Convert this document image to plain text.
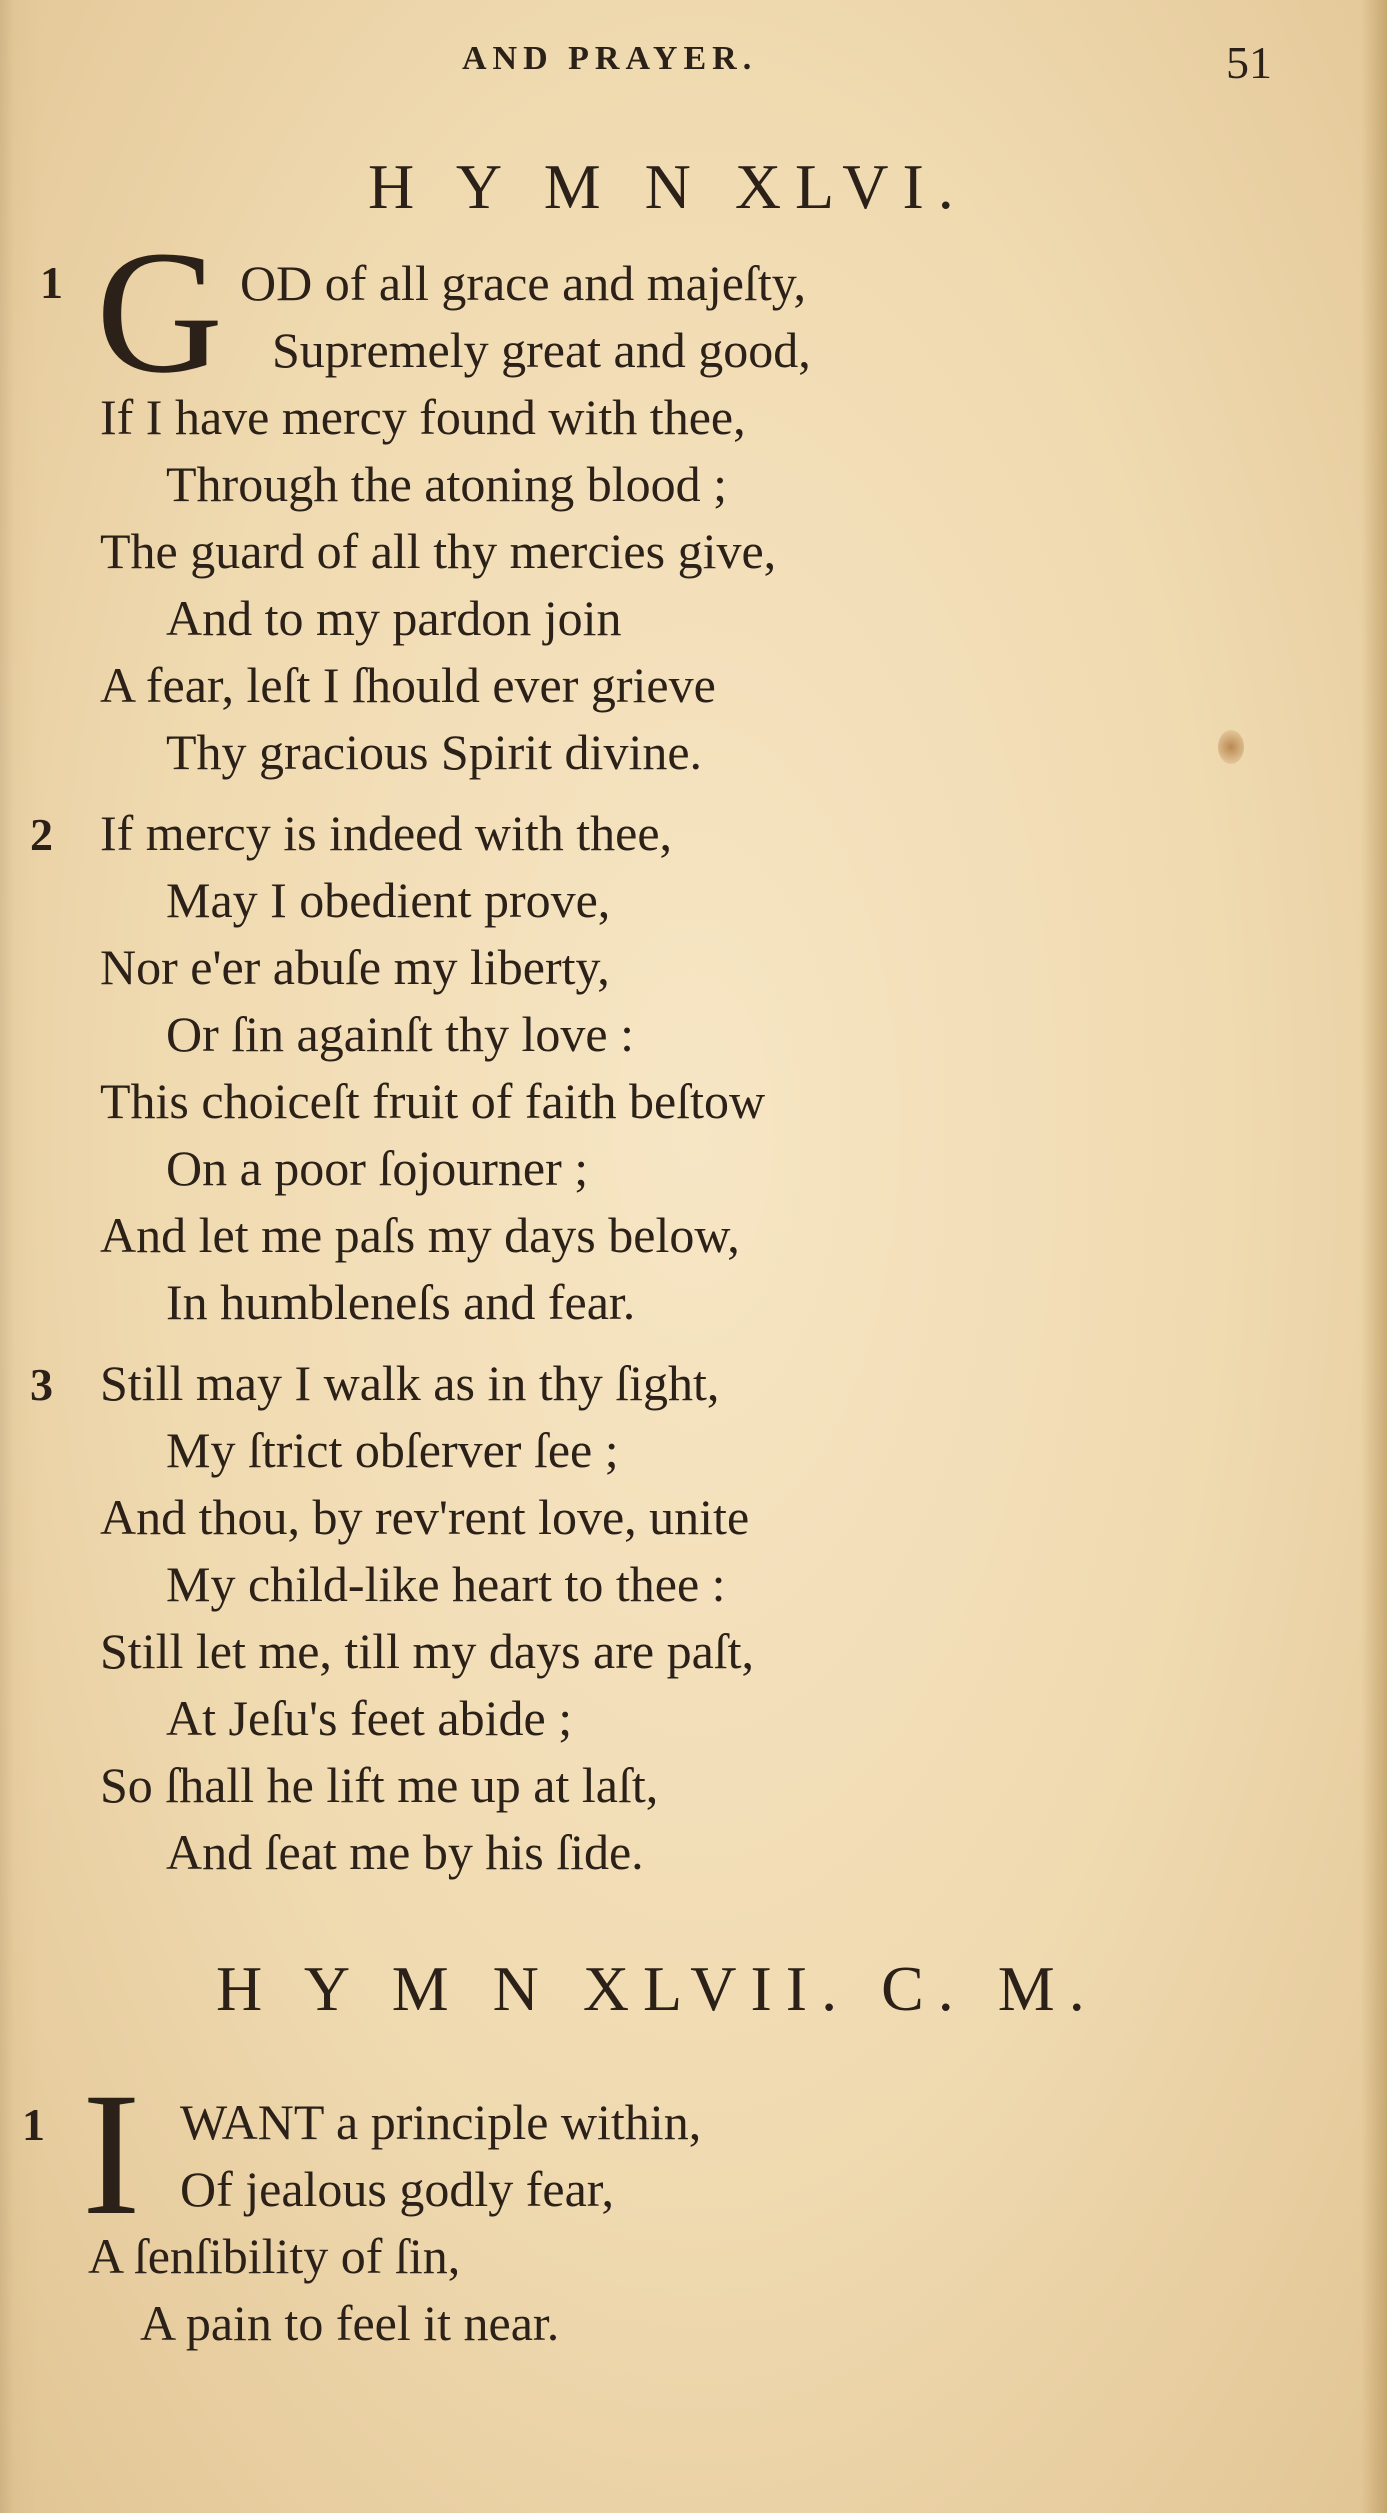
AND PRAYER.	51
H Y M N XLVI.
1 G OD of all grace and majeſty,
Supremely great and good,
If I have mercy found with thee,
Through the atoning blood ;
The guard of all thy mercies give,
And to my pardon join
A fear, leſt I ſhould ever grieve
Thy gracious Spirit divine.
2 If mercy is indeed with thee,
May I obedient prove,
Nor e'er abuſe my liberty,
Or ſin againſt thy love :
This choiceſt fruit of faith beſtow
On a poor ſojourner ;
And let me paſs my days below,
In humbleneſs and fear.
3 Still may I walk as in thy ſight,
My ſtrict obſerver ſee ;
And thou, by rev'rent love, unite
My child-like heart to thee :
Still let me, till my days are paſt,
At Jeſu's feet abide ;
So ſhall he lift me up at laſt,
And ſeat me by his ſide.
H Y M N XLVII. C. M.
1 I WANT a principle within,
Of jealous godly fear,
A ſenſibility of ſin,
A pain to feel it near.
